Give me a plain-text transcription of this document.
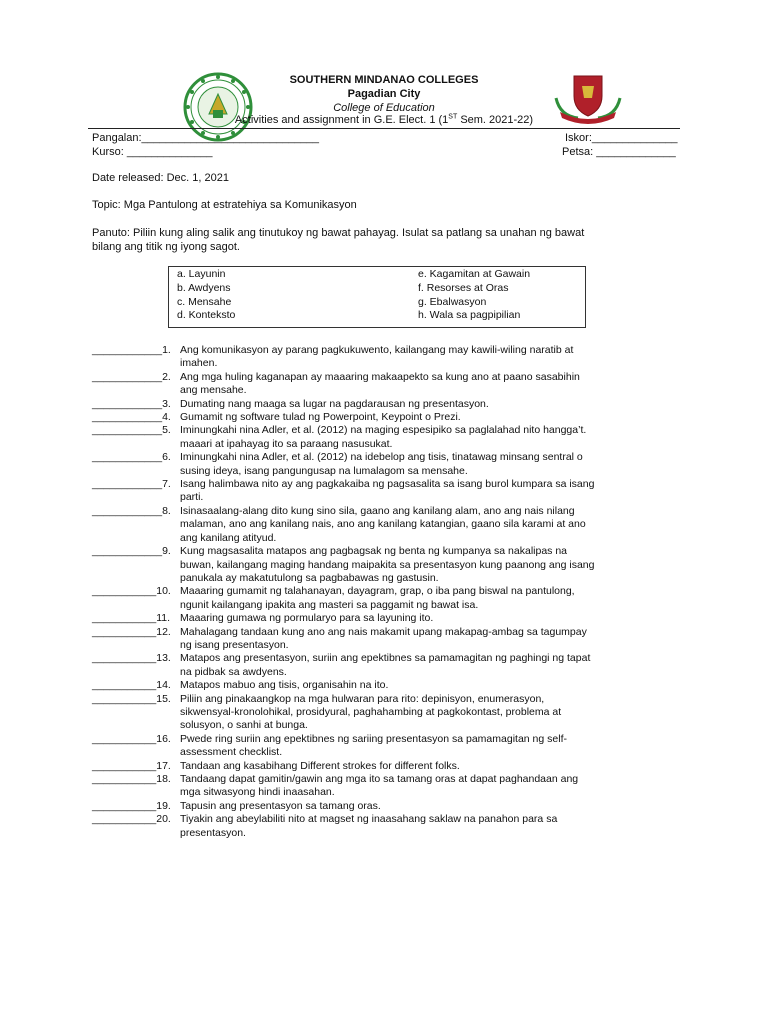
SOUTHERN MINDANAO COLLEGES
Pagadian City
College of Education
Activities and assignment in G.E. Elect. 1 (1ST Sem. 2021-22)
Pangalan:_____________________________
Kurso: ______________
Iskor:______________
Petsa: _____________
Date released: Dec. 1, 2021
Topic: Mga Pantulong at estratehiya sa Komunikasyon
Panuto: Piliin kung aling salik ang tinutukoy ng bawat pahayag. Isulat sa patlang sa unahan ng bawat
bilang ang titik ng iyong sagot.
a. Layunin
b. Awdyens
c. Mensahe
d. Konteksto
e. Kagamitan at Gawain
f. Resorses at Oras
g. Ebalwasyon
h. Wala sa pagpipilian
____________1. Ang komunikasyon ay parang pagkukuwento, kailangang may kawili-wiling naratib at
imahen.
____________2. Ang mga huling kaganapan ay maaaring makaapekto sa kung ano at paano sasabihin
ang mensahe.
____________3. Dumating nang maaga sa lugar na pagdarausan ng presentasyon.
____________4. Gumamit ng software tulad ng Powerpoint, Keypoint o Prezi.
____________5. Iminungkahi nina Adler, et al. (2012) na maging espesipiko sa paglalahad nito hangga’t.
maaari at ipahayag ito sa paraang nasusukat.
____________6. Iminungkahi nina Adler, et al. (2012) na idebelop ang tisis, tinatawag minsang sentral o
susing ideya, isang pangungusap na lumalagom sa mensahe.
____________7. Isang halimbawa nito ay ang pagkakaiba ng pagsasalita sa isang burol kumpara sa isang
parti.
____________8. Isinasaalang-alang dito kung sino sila, gaano ang kanilang alam, ano ang nais nilang
malaman, ano ang kanilang nais, ano ang kanilang katangian, gaano sila karami at ano
ang kanilang atityud.
____________9. Kung magsasalita matapos ang pagbagsak ng benta ng kumpanya sa nakalipas na
buwan, kailangang maging handang maipakita sa presentasyon kung paanong ang isang
panukala ay makatutulong sa pagbabawas ng gastusin.
___________10. Maaaring gumamit ng talahanayan, dayagram, grap, o iba pang biswal na pantulong,
ngunit kailangang ipakita ang masteri sa paggamit ng bawat isa.
___________11. Maaaring gumawa ng pormularyo para sa layuning ito.
___________12. Mahalagang tandaan kung ano ang nais makamit upang makapag-ambag sa tagumpay
ng isang presentasyon.
___________13. Matapos ang presentasyon, suriin ang epektibnes sa pamamagitan ng paghingi ng tapat
na pidbak sa awdyens.
___________14. Matapos mabuo ang tisis, organisahin na ito.
___________15. Piliin ang pinakaangkop na mga hulwaran para rito: depinisyon, enumerasyon,
sikwensyal-kronolohikal, prosidyural, paghahambing at pagkokontast, problema at
solusyon, o sanhi at bunga.
___________16. Pwede ring suriin ang epektibnes ng sariing presentasyon sa pamamagitan ng self-
assessment checklist.
___________17. Tandaan ang kasabihang Different strokes for different folks.
___________18. Tandaang dapat gamitin/gawin ang mga ito sa tamang oras at dapat paghandaan ang
mga sitwasyong hindi inaasahan.
___________19. Tapusin ang presentasyon sa tamang oras.
___________20. Tiyakin ang abeylabiliti nito at magset ng inaasahang saklaw na panahon para sa
presentasyon.
